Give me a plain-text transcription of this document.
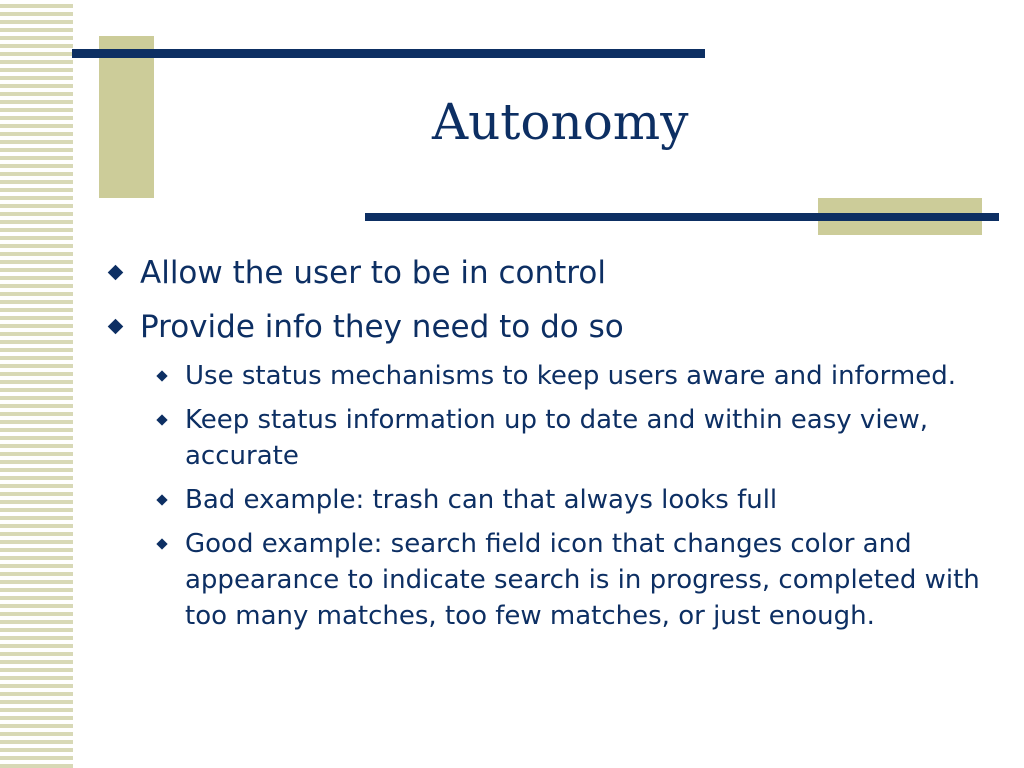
Autonomy
Allow the user to be in control
Provide info they need to do so
Use status mechanisms to keep users aware and informed.
Keep status information up to date and within easy view, accurate
Bad example: trash can that always looks full
Good example: search field icon that changes color and appearance to indicate search is in progress, completed with too many matches, too few matches, or just enough.
